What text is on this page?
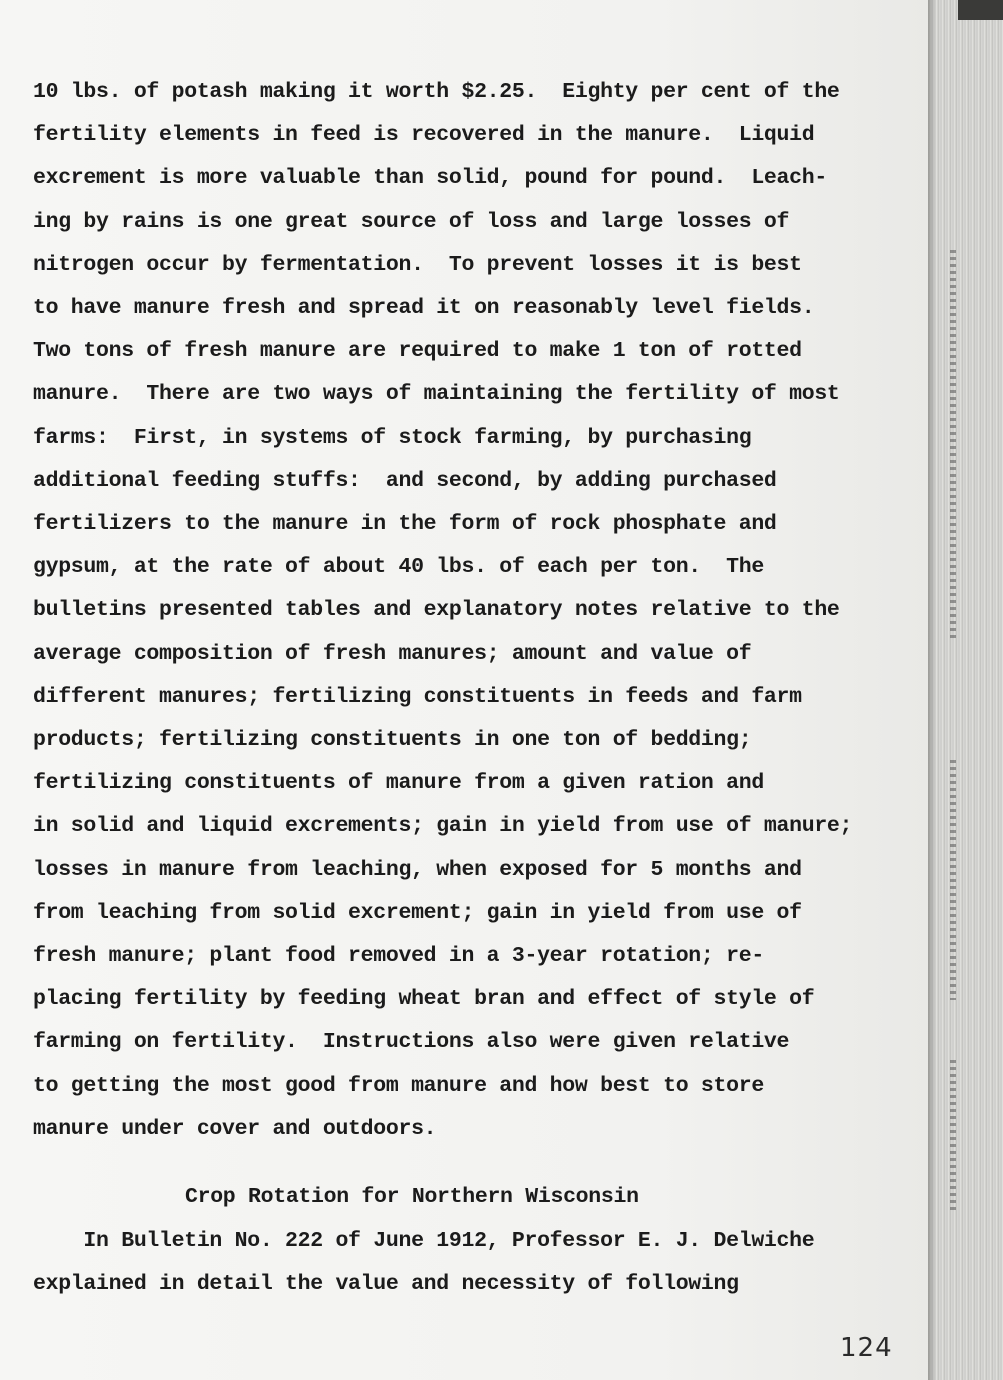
10 lbs. of potash making it worth $2.25.  Eighty per cent of the
fertility elements in feed is recovered in the manure.  Liquid
excrement is more valuable than solid, pound for pound.  Leach-
ing by rains is one great source of loss and large losses of
nitrogen occur by fermentation.  To prevent losses it is best
to have manure fresh and spread it on reasonably level fields.
Two tons of fresh manure are required to make 1 ton of rotted
manure.  There are two ways of maintaining the fertility of most
farms:  First, in systems of stock farming, by purchasing
additional feeding stuffs:  and second, by adding purchased
fertilizers to the manure in the form of rock phosphate and
gypsum, at the rate of about 40 lbs. of each per ton.  The
bulletins presented tables and explanatory notes relative to the
average composition of fresh manures; amount and value of
different manures; fertilizing constituents in feeds and farm
products; fertilizing constituents in one ton of bedding;
fertilizing constituents of manure from a given ration and
in solid and liquid excrements; gain in yield from use of manure;
losses in manure from leaching, when exposed for 5 months and
from leaching from solid excrement; gain in yield from use of
fresh manure; plant food removed in a 3-year rotation; re-
placing fertility by feeding wheat bran and effect of style of
farming on fertility.  Instructions also were given relative
to getting the most good from manure and how best to store
manure under cover and outdoors.
Crop Rotation for Northern Wisconsin
In Bulletin No. 222 of June 1912, Professor E. J. Delwiche
explained in detail the value and necessity of following
124
